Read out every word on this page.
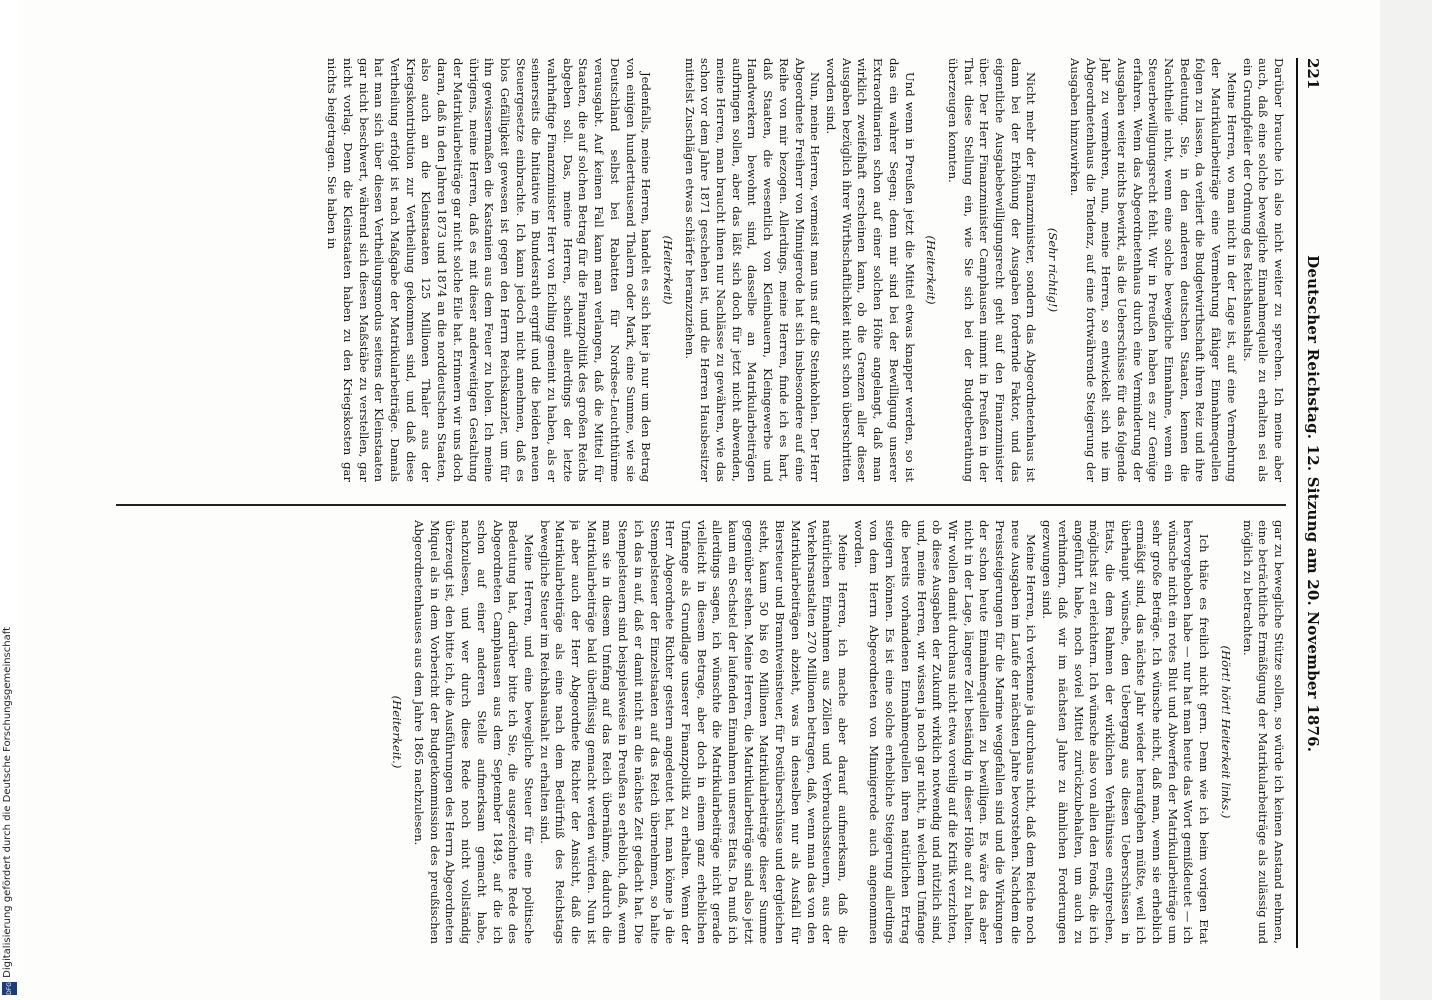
Digitalisierung gefördert durch die Deutsche Forschungsgemeinschaft
DFG
221
Deutscher Reichstag. 12. Sitzung am 20. November 1876.

Darüber brauche ich also nicht weiter zu sprechen. Ich meine aber auch, daß eine solche bewegliche Einnahmequelle zu erhalten sei als ein Grundpfeiler der Ordnung des Reichshaushalts.

Meine Herren, wo man nicht in der Lage ist, auf eine Vermehrung der Matrikularbeiträge eine Vermehrung fähiger Einnahmequellen folgen zu lassen, da verliert die Budgetwirthschaft ihren Reiz und ihre Bedeutung. Sie, in den anderen deutschen Staaten, kennen die Nachtheile nicht, wenn eine solche bewegliche Einnahme, wenn ein Steuerbewilligungsrecht fehlt. Wir in Preußen haben es zur Genüge erfahren. Wenn das Abgeordnetenhaus durch eine Verminderung der Ausgaben weiter nichts bewirkt, als die Ueberschüsse für das folgende Jahr zu vermehren, nun, meine Herren, so entwickelt sich nie im Abgeordnetenhaus die Tendenz, auf eine fortwährende Steigerung der Ausgaben hinzuwirken.

(Sehr richtig!)

Nicht mehr der Finanzminister, sondern das Abgeordnetenhaus ist dann bei der Erhöhung der Ausgaben fordernde Faktor, und das eigentliche Ausgabebewilligungsrecht geht auf den Finanzminister über. Der Herr Finanzminister Camphausen nimmt in Preußen in der That diese Stellung ein, wie Sie sich bei der Budgetberathung überzeugen konnten.

(Heiterkeit)

Und wenn in Preußen jetzt die Mittel etwas knapper werden, so ist das ein wahrer Segen; denn mir sind bei der Bewilligung unserer Extraordinarien schon auf einer solchen Höhe angelangt, daß man wirklich zweifelhaft erscheinen kann, ob die Grenzen aller dieser Ausgaben bezüglich ihrer Wirthschaftlichkeit nicht schon überschritten worden sind.

Nun, meine Herren, vermeist man uns auf die Steinkohlen. Der Herr Abgeordnete Freiherr von Minnigerode hat sich insbesondere auf eine Reihe von mir bezogen. Allerdings, meine Herren, finde ich es hart, daß Staaten, die wesentlich von Kleinbauern, Kleingewerbe und Handwerkern bewohnt sind, dasselbe an Matrikularbeiträgen aufbringen sollen, aber das läßt sich doch für jetzt nicht abwenden, meine Herren, man braucht ihnen nur Nachlässe zu gewähren, wie das schon vor dem Jahre 1871 geschehen ist, und die Herren Hausbesitzer mittelst Zuschlägen etwas schärfer heranzuziehen.

(Heiterkeit)

Jedenfalls, meine Herren, handelt es sich hier ja nur um den Betrag von einigen hunderttausend Thalern oder Mark, eine Summe, wie sie Deutschland selbst bei Rabatten für Nordsee-Leuchtthürme verausgabt. Auf keinen Fall kann man verlangen, daß die Mittel für Staaten, die auf solchen Betrag für die Finanzpolitik des großen Reichs abgeben soll. Das, meine Herren, scheint allerdings der letzte wahrhaftige Finanzminister Herr von Eichling gemeint zu haben, als er seinerseits die Initiative im Bundesrath ergriff und die beiden neuen Steuergesetze einbrachte. Ich kann jedoch nicht annehmen, daß es blos Gefälligkeit gewesen ist gegen den Herrn Reichskanzler, um für ihn gewissermaßen die Kastanien aus dem Feuer zu holen. Ich meine übrigens, meine Herren, daß es mit dieser anderweitigen Gestaltung der Matrikularbeiträge gar nicht solche Eile hat. Erinnern wir uns doch daran, daß in den Jahren 1873 und 1874 an die norddeutschen Staaten, also auch an die Kleinstaaten 125 Millionen Thaler aus der Kriegskontribution zur Vertheilung gekommen sind, und daß diese Vertheilung erfolgt ist nach Maßgabe der Matrikularbeiträge. Damals hat man sich über diesen Vertheilungsmodus seitens der Kleinstaaten gar nicht beschwert, während sich diesen Maßstäbe zu verstellen, gar nicht vorlag. Denn die Kleinstaaten haben zu den Kriegskosten gar nichts beigetragen. Sie haben in

gar zu bewegliche Stütze sollen, so würde ich keinen Anstand nehmen, eine beträchtliche Ermäßigung der Matrikularbeiträge als zulässig und möglich zu betrachten.

(Hört! hört! Heiterkeit links.)

Ich thäte es freilich nicht gern. Denn wie ich beim vorigen Etat hervorgehoben habe — nur hat man heute das Wort gemißdeutet — ich wünsche nicht ein rotes Blut und Abwerfen der Matrikularbeiträge um sehr große Beträge. Ich wünsche nicht, daß man, wenn sie erheblich ermäßigt sind, das nächste Jahr wieder heraufgehen müßte, weil ich überhaupt wünsche, den Uebergang aus diesen Ueberschüssen in Etats, die dem Rahmen der wirklichen Verhältnisse entsprechen, möglichst zu erleichtern. Ich wünsche also von allen den Fonds, die ich angeführt habe, noch soviel Mittel zurückzubehalten, um auch zu verhindern, daß wir im nächsten Jahre zu ähnlichen Forderungen gezwungen sind.

Meine Herren, ich verkenne ja durchaus nicht, daß dem Reiche noch neue Ausgaben im Laufe der nächsten Jahre bevorstehen. Nachdem die Preissteigerungen für die Marine weggefallen sind und die Wirkungen der schon heute Einnahmequellen zu bewilligen. Es wäre das aber nicht in der Lage, längere Zeit beständig in dieser Höhe auf zu halten. Wir wollen damit durchaus nicht etwa voreilig auf die Kritik verzichten, ob diese Ausgaben der Zukunft wirklich notwendig und nützlich sind, und, meine Herren, wir wissen ja noch gar nicht, in welchem Umfange die bereits vorhandenen Einnahmequellen ihren natürlichen Ertrag steigern können. Es ist eine solche erhebliche Steigerung allerdings von dem Herrn Abgeordneten von Minnigerode auch angenommen worden.

Meine Herren, ich mache aber darauf aufmerksam, daß die natürlichen Einnahmen aus Zöllen und Verbrauchssteuern, aus der Verkehrsanstalten 270 Millionen betragen, daß, wenn man das von den Matrikularbeiträgen abzieht, was in denselben nur als Ausfall für Biersteuer und Branntweinsteuer, für Postüberschüsse und dergleichen steht, kaum 50 bis 60 Millionen Matrikularbeiträge dieser Summe gegenüber stehen. Meine Herren, die Matrikularbeiträge sind also jetzt kaum ein Sechstel der laufenden Einnahmen unseres Etats. Da muß ich allerdings sagen, ich wünschte die Matrikularbeiträge nicht gerade vielleicht in diesem Betrage, aber doch in einem ganz erheblichen Umfange als Grundlage unserer Finanzpolitik zu erhalten. Wenn der Herr Abgeordnete Richter gestern angedeutet hat, man könne ja die Stempelsteuer der Einzelstaaten auf das Reich übernehmen, so halte ich das in auf, daß er damit nicht an die nächste Zeit gedacht hat. Die Stempelsteuern sind beispielsweise in Preußen so erheblich, daß, wenn man sie in diesem Umfang auf das Reich übernähme, dadurch die Matrikularbeiträge bald überflüssig gemacht werden würden. Nun ist ja aber auch der Herr Abgeordnete Richter der Ansicht, daß die Matrikularbeiträge als eine nach dem Bedürfniß des Reichstags bewegliche Steuer im Reichshaushalt zu erhalten sind.

Meine Herren, und eine bewegliche Steuer für eine politische Bedeutung hat, darüber bitte ich Sie, die ausgezeichnete Rede des Abgeordneten Camphausen aus dem September 1849, auf die ich schon auf einer anderen Stelle aufmerksam gemacht habe, nachzulesen, und wer durch diese Rede noch nicht vollständig überzeugt ist, den bitte ich, die Ausführungen des Herrn Abgeordneten Miquel als in dem Vorbericht der Budgetkommission des preußischen Abgeordnetenhauses aus dem Jahre 1865 nachzulesen.

(Heiterkeit.)
